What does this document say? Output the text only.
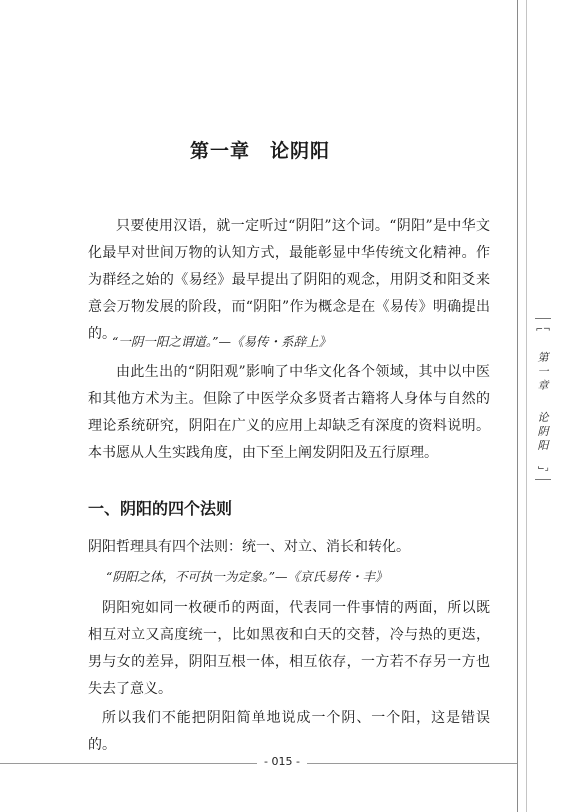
第一章　论阴阳

只要使用汉语，就一定听过“阴阳”这个词。“阴阳”是中华文化最早对世间万物的认知方式，最能彰显中华传统文化精神。作为群经之始的《易经》最早提出了阴阳的观念，用阴爻和阳爻来意会万物发展的阶段，而“阴阳”作为概念是在《易传》明确提出的。

“一阴一阳之谓道。”—《易传・系辞上》

由此生出的“阴阳观”影响了中华文化各个领域，其中以中医和其他方术为主。但除了中医学众多贤者古籍将人身体与自然的理论系统研究，阴阳在广义的应用上却缺乏有深度的资料说明。本书愿从人生实践角度，由下至上阐发阴阳及五行原理。

一、阴阳的四个法则

阴阳哲理具有四个法则：统一、对立、消长和转化。

“阴阳之体，不可执一为定象。”—《京氏易传・丰》

阴阳宛如同一枚硬币的两面，代表同一件事情的两面，所以既相互对立又高度统一，比如黑夜和白天的交替，冷与热的更迭，男与女的差异，阴阳互根一体，相互依存，一方若不存另一方也失去了意义。

所以我们不能把阴阳简单地说成一个阴、一个阳，这是错误的。

⌐¬
第
一
章
论
阴
阳
⌙⌟
- 015 -
